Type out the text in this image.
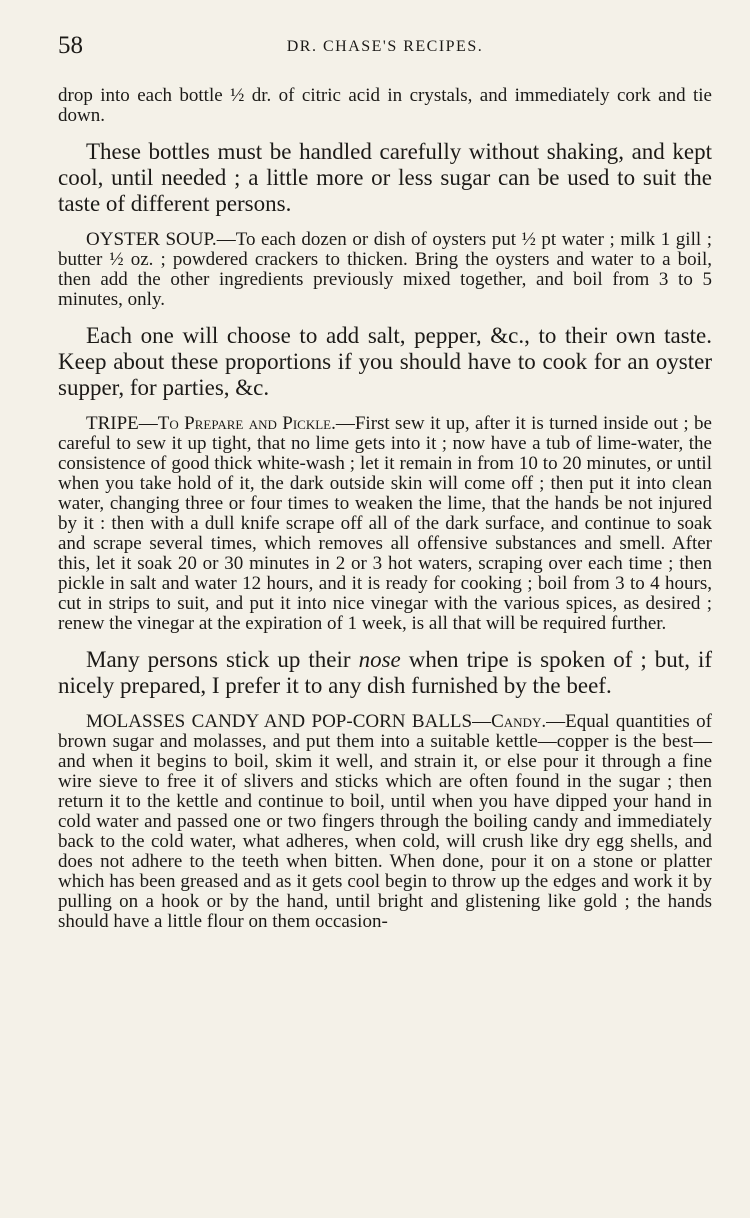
58	DR. CHASE'S RECIPES.

drop into each bottle ½ dr. of citric acid in crystals, and immediately cork and tie down.

These bottles must be handled carefully without shaking, and kept cool, until needed ; a little more or less sugar can be used to suit the taste of different persons.

OYSTER SOUP.—To each dozen or dish of oysters put ½ pt water ; milk 1 gill ; butter ½ oz. ; powdered crackers to thicken. Bring the oysters and water to a boil, then add the other ingredients previously mixed together, and boil from 3 to 5 minutes, only.

Each one will choose to add salt, pepper, &c., to their own taste. Keep about these proportions if you should have to cook for an oyster supper, for parties, &c.

TRIPE—To Prepare and Pickle.—First sew it up, after it is turned inside out ; be careful to sew it up tight, that no lime gets into it ; now have a tub of lime-water, the consistence of good thick white-wash ; let it remain in from 10 to 20 minutes, or until when you take hold of it, the dark outside skin will come off ; then put it into clean water, changing three or four times to weaken the lime, that the hands be not injured by it : then with a dull knife scrape off all of the dark surface, and continue to soak and scrape several times, which removes all offensive substances and smell. After this, let it soak 20 or 30 minutes in 2 or 3 hot waters, scraping over each time ; then pickle in salt and water 12 hours, and it is ready for cooking ; boil from 3 to 4 hours, cut in strips to suit, and put it into nice vinegar with the various spices, as desired ; renew the vinegar at the expiration of 1 week, is all that will be required further.

Many persons stick up their nose when tripe is spoken of ; but, if nicely prepared, I prefer it to any dish furnished by the beef.

MOLASSES CANDY AND POP-CORN BALLS—Candy.—Equal quantities of brown sugar and molasses, and put them into a suitable kettle—copper is the best—and when it begins to boil, skim it well, and strain it, or else pour it through a fine wire sieve to free it of slivers and sticks which are often found in the sugar ; then return it to the kettle and continue to boil, until when you have dipped your hand in cold water and passed one or two fingers through the boiling candy and immediately back to the cold water, what adheres, when cold, will crush like dry egg shells, and does not adhere to the teeth when bitten. When done, pour it on a stone or platter which has been greased and as it gets cool begin to throw up the edges and work it by pulling on a hook or by the hand, until bright and glistening like gold ; the hands should have a little flour on them occasion-
